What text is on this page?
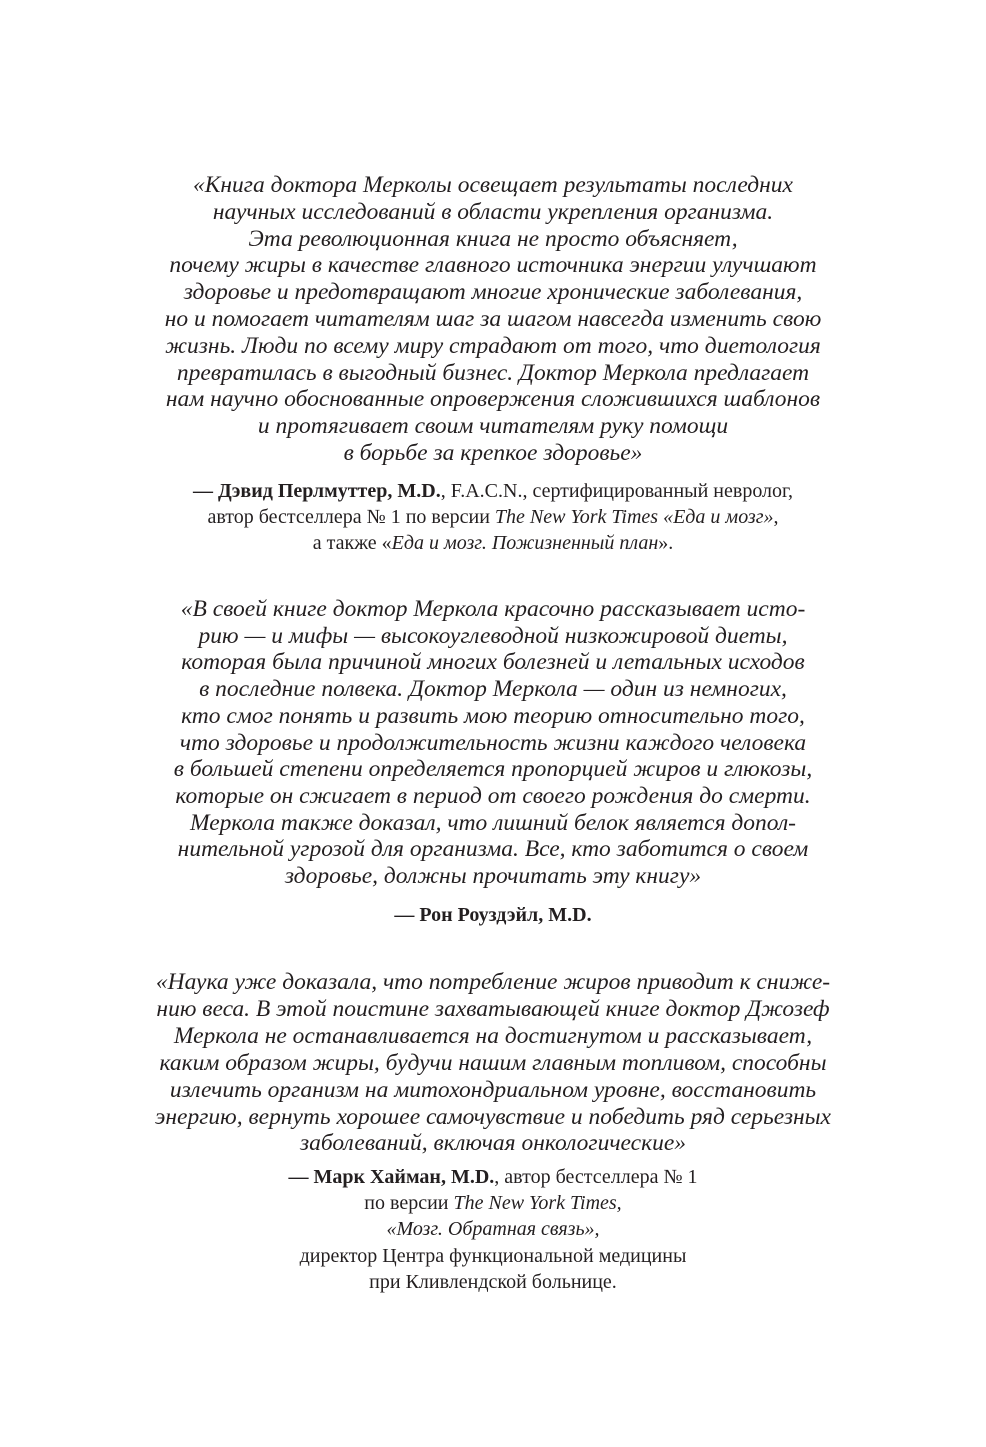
«Книга доктора Мерколы освещает результаты последних
научных исследований в области укрепления организма.
Эта революционная книга не просто объясняет,
почему жиры в качестве главного источника энергии улучшают
здоровье и предотвращают многие хронические заболевания,
но и помогает читателям шаг за шагом навсегда изменить свою
жизнь. Люди по всему миру страдают от того, что диетология
превратилась в выгодный бизнес. Доктор Меркола предлагает
нам научно обоснованные опровержения сложившихся шаблонов
и протягивает своим читателям руку помощи
в борьбе за крепкое здоровье»
— Дэвид Перлмуттер, M.D., F.A.C.N., сертифицированный невролог,
автор бестселлера № 1 по версии The New York Times «Еда и мозг»,
а также «Еда и мозг. Пожизненный план».
«В своей книге доктор Меркола красочно рассказывает исто-
рию — и мифы — высокоуглеводной низкожировой диеты,
которая была причиной многих болезней и летальных исходов
в последние полвека. Доктор Меркола — один из немногих,
кто смог понять и развить мою теорию относительно того,
что здоровье и продолжительность жизни каждого человека
в большей степени определяется пропорцией жиров и глюкозы,
которые он сжигает в период от своего рождения до смерти.
Меркола также доказал, что лишний белок является допол-
нительной угрозой для организма. Все, кто заботится о своем
здоровье, должны прочитать эту книгу»
— Рон Роуздэйл, M.D.
«Наука уже доказала, что потребление жиров приводит к сниже-
нию веса. В этой поистине захватывающей книге доктор Джозеф
Меркола не останавливается на достигнутом и рассказывает,
каким образом жиры, будучи нашим главным топливом, способны
излечить организм на митохондриальном уровне, восстановить
энергию, вернуть хорошее самочувствие и победить ряд серьезных
заболеваний, включая онкологические»
— Марк Хайман, M.D., автор бестселлера № 1
по версии The New York Times,
«Мозг. Обратная связь»,
директор Центра функциональной медицины
при Кливлендской больнице.
